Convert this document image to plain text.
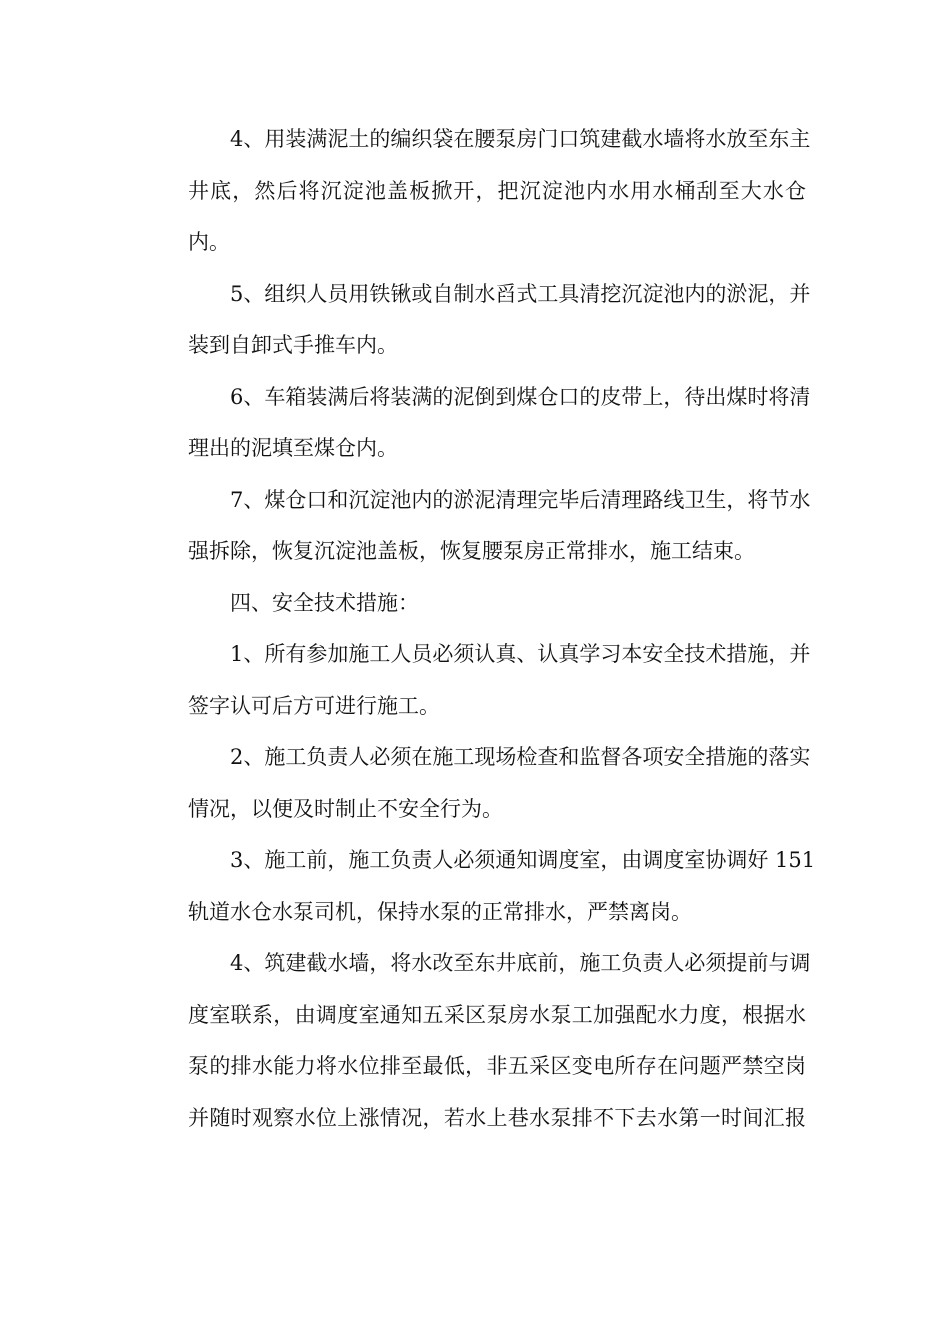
4、用装满泥土的编织袋在腰泵房门口筑建截水墙将水放至东主
井底，然后将沉淀池盖板掀开，把沉淀池内水用水桶刮至大水仓
内。
5、组织人员用铁锹或自制水舀式工具清挖沉淀池内的淤泥，并
装到自卸式手推车内。
6、车箱装满后将装满的泥倒到煤仓口的皮带上，待出煤时将清
理出的泥填至煤仓内。
7、煤仓口和沉淀池内的淤泥清理完毕后清理路线卫生，将节水
强拆除，恢复沉淀池盖板，恢复腰泵房正常排水，施工结束。
四、安全技术措施：
1、所有参加施工人员必须认真、认真学习本安全技术措施，并
签字认可后方可进行施工。
2、施工负责人必须在施工现场检查和监督各项安全措施的落实
情况，以便及时制止不安全行为。
3、施工前，施工负责人必须通知调度室，由调度室协调好 151
轨道水仓水泵司机，保持水泵的正常排水，严禁离岗。
4、筑建截水墙，将水改至东井底前，施工负责人必须提前与调
度室联系，由调度室通知五采区泵房水泵工加强配水力度，根据水
泵的排水能力将水位排至最低，非五采区变电所存在问题严禁空岗
并随时观察水位上涨情况，若水上巷水泵排不下去水第一时间汇报
